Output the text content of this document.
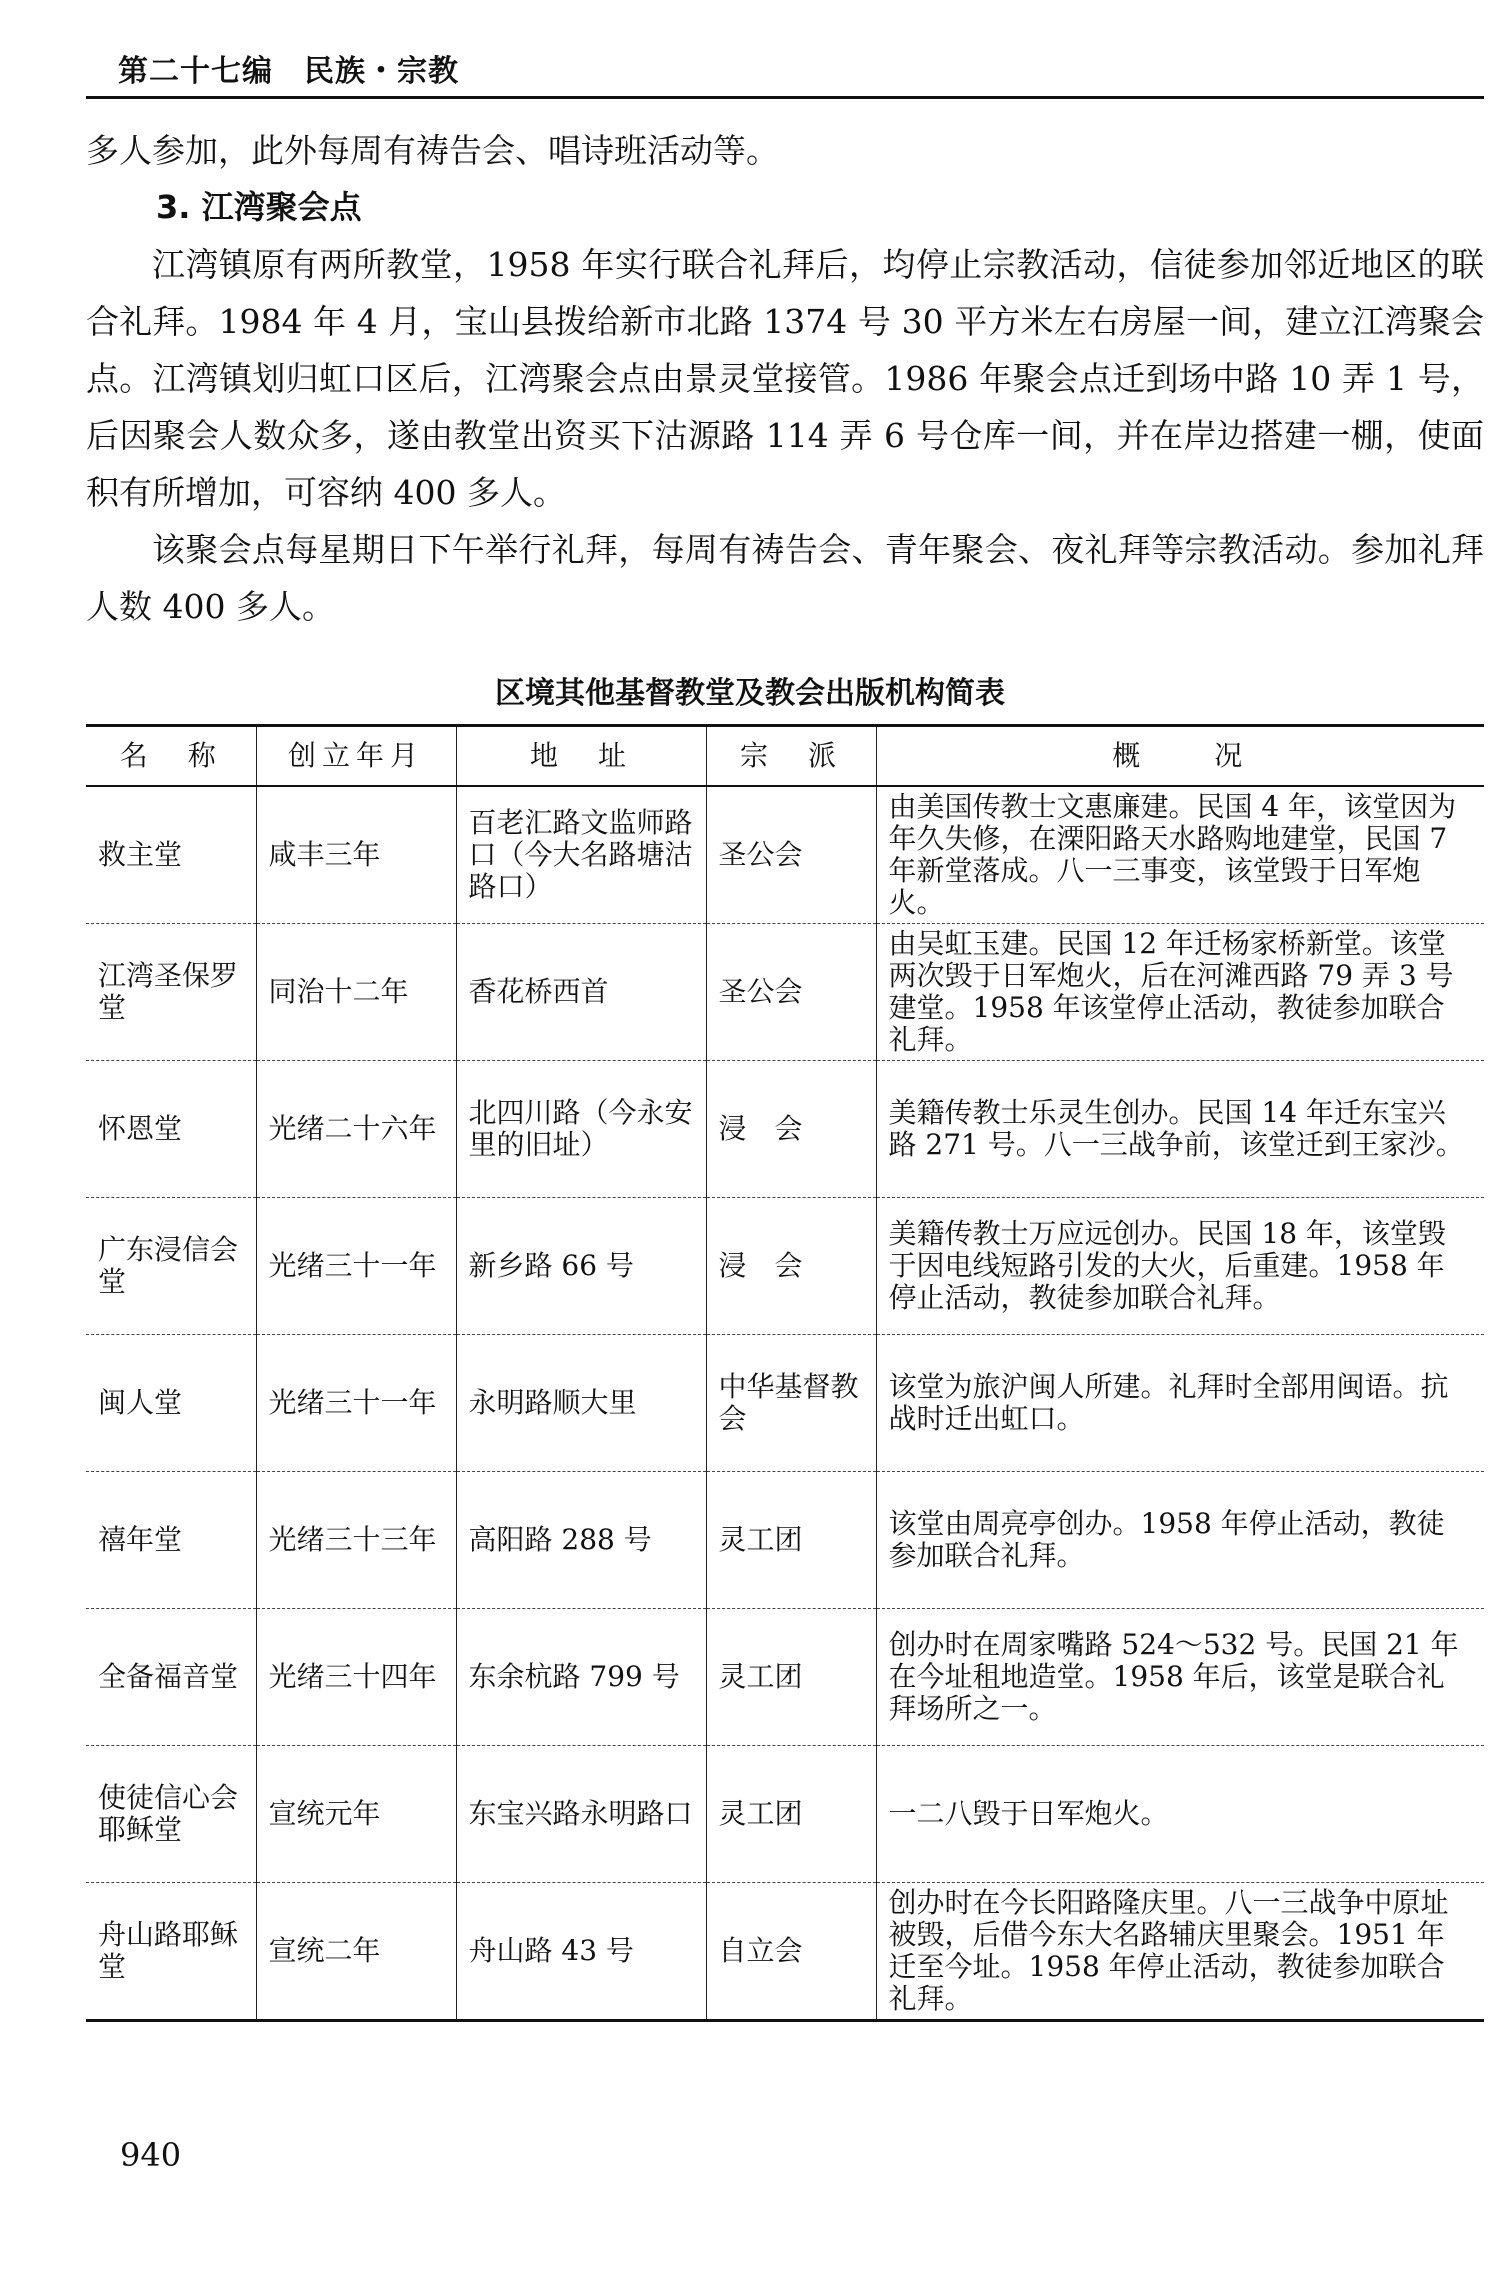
第二十七编　民族・宗教

多人参加，此外每周有祷告会、唱诗班活动等。

3. 江湾聚会点

江湾镇原有两所教堂，1958 年实行联合礼拜后，均停止宗教活动，信徒参加邻近地区的联合礼拜。1984 年 4 月，宝山县拨给新市北路 1374 号 30 平方米左右房屋一间，建立江湾聚会点。江湾镇划归虹口区后，江湾聚会点由景灵堂接管。1986 年聚会点迁到场中路 10 弄 1 号，后因聚会人数众多，遂由教堂出资买下沽源路 114 弄 6 号仓库一间，并在岸边搭建一棚，使面积有所增加，可容纳 400 多人。

该聚会点每星期日下午举行礼拜，每周有祷告会、青年聚会、夜礼拜等宗教活动。参加礼拜人数 400 多人。

区境其他基督教堂及教会出版机构简表
名　称	创立年月	地　址	宗　派	概　　况
救主堂	咸丰三年	百老汇路文监师路口（今大名路塘沽路口）	圣公会	由美国传教士文惠廉建。民国 4 年，该堂因为年久失修，在溧阳路天水路购地建堂，民国 7 年新堂落成。八一三事变，该堂毁于日军炮火。
江湾圣保罗堂	同治十二年	香花桥西首	圣公会	由吴虹玉建。民国 12 年迁杨家桥新堂。该堂两次毁于日军炮火，后在河滩西路 79 弄 3 号建堂。1958 年该堂停止活动，教徒参加联合礼拜。
怀恩堂	光绪二十六年	北四川路（今永安里的旧址）	浸　会	美籍传教士乐灵生创办。民国 14 年迁东宝兴路 271 号。八一三战争前，该堂迁到王家沙。
广东浸信会堂	光绪三十一年	新乡路 66 号	浸　会	美籍传教士万应远创办。民国 18 年，该堂毁于因电线短路引发的大火，后重建。1958 年停止活动，教徒参加联合礼拜。
闽人堂	光绪三十一年	永明路顺大里	中华基督教会	该堂为旅沪闽人所建。礼拜时全部用闽语。抗战时迁出虹口。
禧年堂	光绪三十三年	高阳路 288 号	灵工团	该堂由周亮亭创办。1958 年停止活动，教徒参加联合礼拜。
全备福音堂	光绪三十四年	东余杭路 799 号	灵工团	创办时在周家嘴路 524～532 号。民国 21 年在今址租地造堂。1958 年后，该堂是联合礼拜场所之一。
使徒信心会耶稣堂	宣统元年	东宝兴路永明路口	灵工团	一二八毁于日军炮火。
舟山路耶稣堂	宣统二年	舟山路 43 号	自立会	创办时在今长阳路隆庆里。八一三战争中原址被毁，后借今东大名路辅庆里聚会。1951 年迁至今址。1958 年停止活动，教徒参加联合礼拜。
940
